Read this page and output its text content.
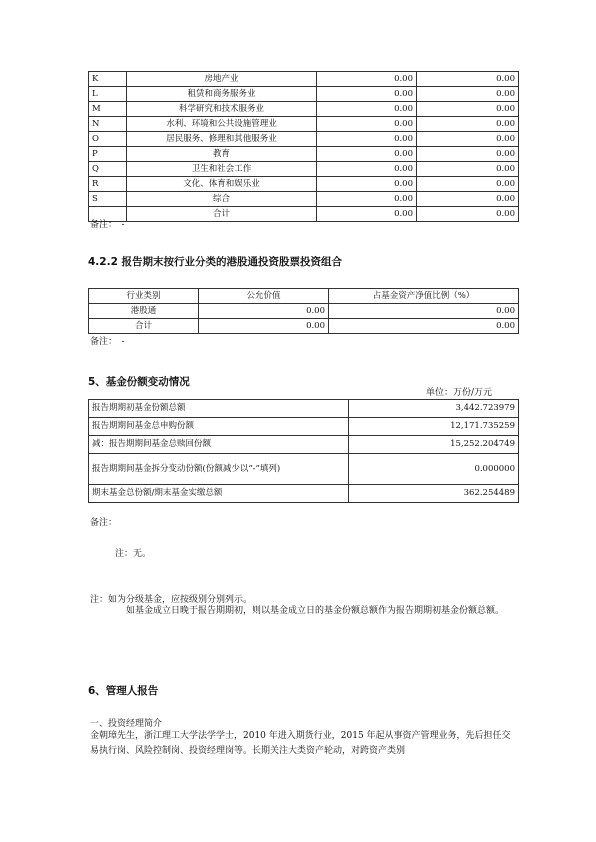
K	房地产业	0.00	0.00
L	租赁和商务服务业	0.00	0.00
M	科学研究和技术服务业	0.00	0.00
N	水利、环境和公共设施管理业	0.00	0.00
O	居民服务、修理和其他服务业	0.00	0.00
P	教育	0.00	0.00
Q	卫生和社会工作	0.00	0.00
R	文化、体育和娱乐业	0.00	0.00
S	综合	0.00	0.00
	合计	0.00	0.00
备注：　-
4.2.2 报告期末按行业分类的港股通投资股票投资组合
行业类别	公允价值	占基金资产净值比例（%）
港股通	0.00	0.00
合计	0.00	0.00
备注：　-
5、基金份额变动情况
单位：万份/万元
报告期期初基金份额总额	3,442.723979
报告期期间基金总申购份额	12,171.735259
减：报告期期间基金总赎回份额	15,252.204749
报告期期间基金拆分变动份额(份额减少以“-”填列)	0.000000
期末基金总份额/期末基金实缴总额	362.254489
备注：
注：无。
注：如为分级基金，应按级别分别列示。
如基金成立日晚于报告期期初，则以基金成立日的基金份额总额作为报告期期初基金份额总额。
6、管理人报告
一、投资经理简介
金朝璋先生，浙江理工大学法学学士，2010 年进入期货行业，2015 年起从事资产管理业务，先后担任交易执行岗、风险控制岗、投资经理岗等。长期关注大类资产轮动，对跨资产类别
